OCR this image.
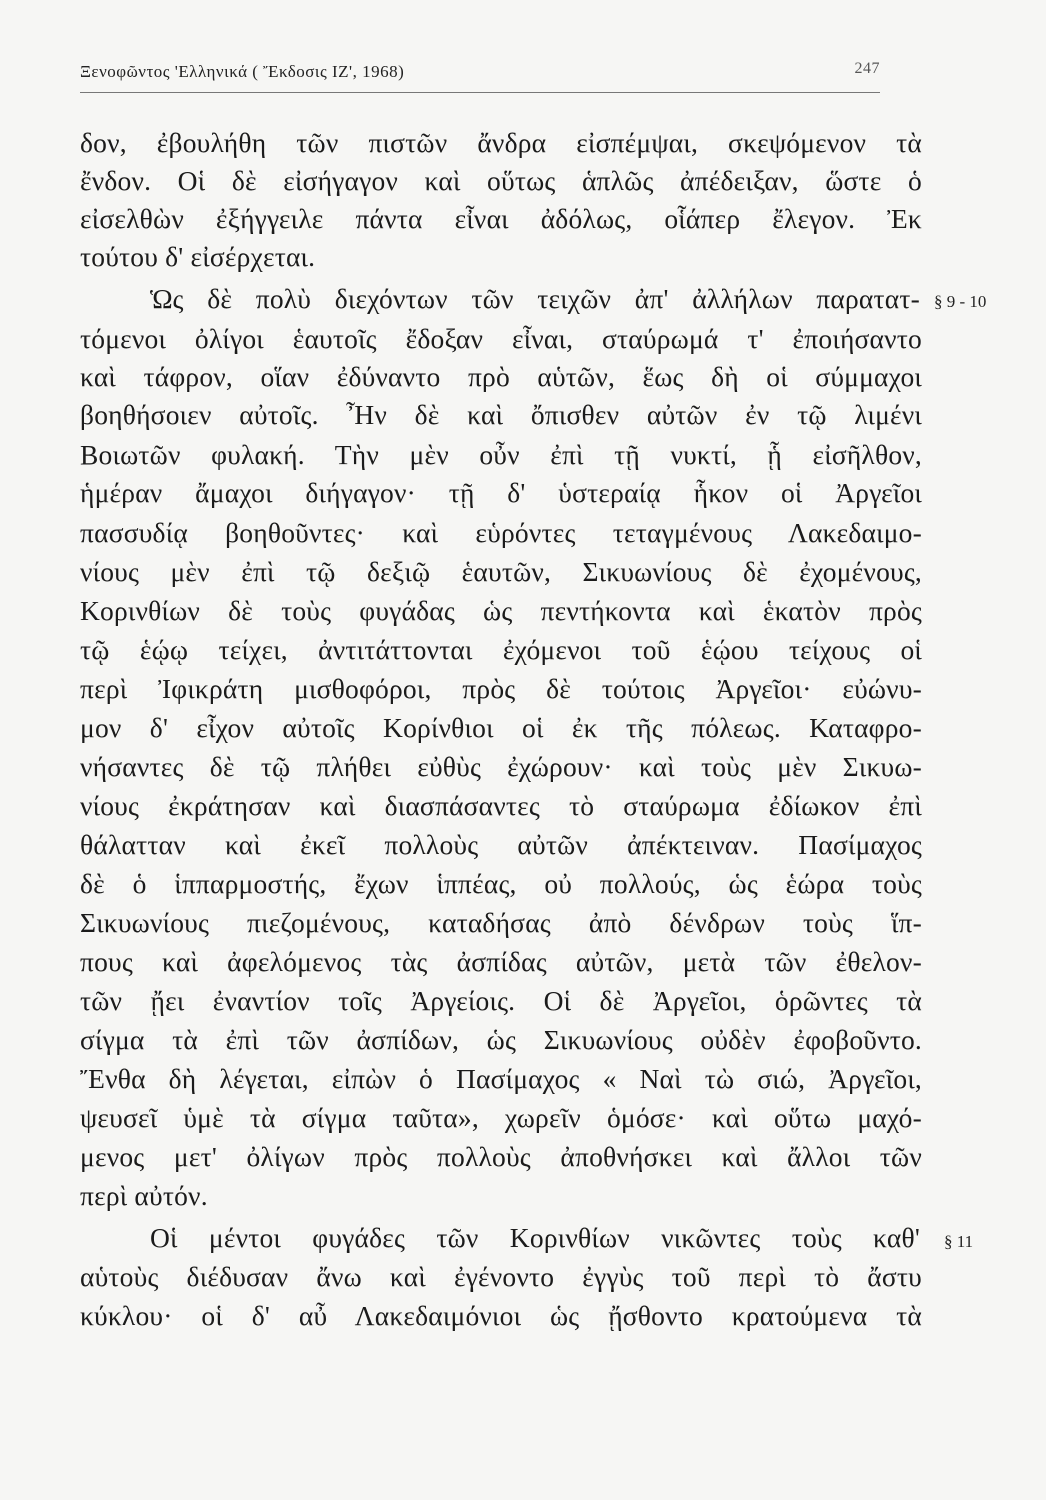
Ξενοφῶντος 'Ελληνικά ( Ἔκδοσις IZ', 1968)	247
δον, ἐβουλήθη τῶν πιστῶν ἄνδρα εἰσπέμψαι, σκεψόμενον τὰ
ἔνδον. Οἱ δὲ εἰσήγαγον καὶ οὕτως ἁπλῶς ἀπέδειξαν, ὥστε ὁ
εἰσελθὼν ἐξήγγειλε πάντα εἶναι ἀδόλως, οἷάπερ ἔλεγον. Ἐκ
τούτου δ' εἰσέρχεται.
Ὡς δὲ πολὺ διεχόντων τῶν τειχῶν ἀπ' ἀλλήλων παρατατ- § 9 - 10
τόμενοι ὀλίγοι ἑαυτοῖς ἔδοξαν εἶναι, σταύρωμά τ' ἐποιήσαντο
καὶ τάφρον, οἵαν ἐδύναντο πρὸ αὑτῶν, ἕως δὴ οἱ σύμμαχοι
βοηθήσοιεν αὐτοῖς. Ἦν δὲ καὶ ὄπισθεν αὐτῶν ἐν τῷ λιμένι
Βοιωτῶν φυλακή. Τὴν μὲν οὖν ἐπὶ τῇ νυκτί, ᾗ εἰσῆλθον,
ἡμέραν ἄμαχοι διήγαγον· τῇ δ' ὑστεραίᾳ ἧκον οἱ Ἀργεῖοι
πασσυδίᾳ βοηθοῦντες· καὶ εὑρόντες τεταγμένους Λακεδαιμο-
νίους μὲν ἐπὶ τῷ δεξιῷ ἑαυτῶν, Σικυωνίους δὲ ἐχομένους,
Κορινθίων δὲ τοὺς φυγάδας ὡς πεντήκοντα καὶ ἑκατὸν πρὸς
τῷ ἑῴῳ τείχει, ἀντιτάττονται ἐχόμενοι τοῦ ἑῴου τείχους οἱ
περὶ Ἰφικράτη μισθοφόροι, πρὸς δὲ τούτοις Ἀργεῖοι· εὐώνυ-
μον δ' εἶχον αὐτοῖς Κορίνθιοι οἱ ἐκ τῆς πόλεως. Καταφρο-
νήσαντες δὲ τῷ πλήθει εὐθὺς ἐχώρουν· καὶ τοὺς μὲν Σικυω-
νίους ἐκράτησαν καὶ διασπάσαντες τὸ σταύρωμα ἐδίωκον ἐπὶ
θάλατταν καὶ ἐκεῖ πολλοὺς αὐτῶν ἀπέκτειναν. Πασίμαχος
δὲ ὁ ἱππαρμοστής, ἔχων ἱππέας, οὐ πολλούς, ὡς ἑώρα τοὺς
Σικυωνίους πιεζομένους, καταδήσας ἀπὸ δένδρων τοὺς ἵπ-
πους καὶ ἀφελόμενος τὰς ἀσπίδας αὐτῶν, μετὰ τῶν ἐθελον-
τῶν ᾔει ἐναντίον τοῖς Ἀργείοις. Οἱ δὲ Ἀργεῖοι, ὁρῶντες τὰ
σίγμα τὰ ἐπὶ τῶν ἀσπίδων, ὡς Σικυωνίους οὐδὲν ἐφοβοῦντο.
Ἔνθα δὴ λέγεται, εἰπὼν ὁ Πασίμαχος « Ναὶ τὼ σιώ, Ἀργεῖοι,
ψευσεῖ ὑμὲ τὰ σίγμα ταῦτα», χωρεῖν ὁμόσε· καὶ οὕτω μαχό-
μενος μετ' ὀλίγων πρὸς πολλοὺς ἀποθνήσκει καὶ ἄλλοι τῶν
περὶ αὐτόν.
Οἱ μέντοι φυγάδες τῶν Κορινθίων νικῶντες τοὺς καθ' § 11
αὑτοὺς διέδυσαν ἄνω καὶ ἐγένοντο ἐγγὺς τοῦ περὶ τὸ ἄστυ
κύκλου· οἱ δ' αὖ Λακεδαιμόνιοι ὡς ᾔσθοντο κρατούμενα τὰ
